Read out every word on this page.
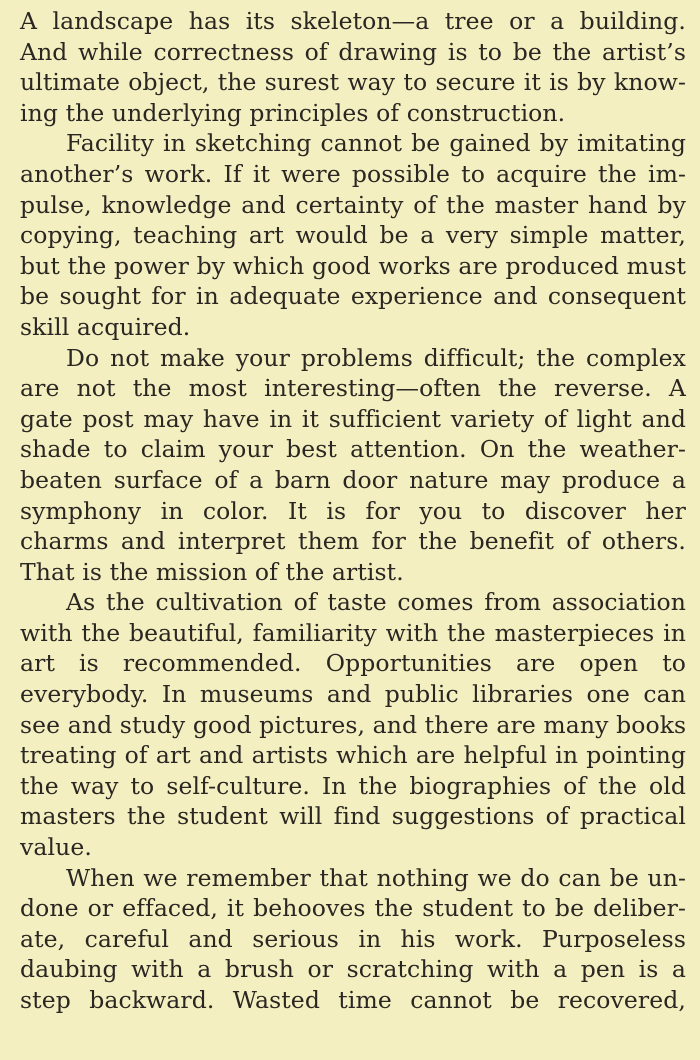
A landscape has its skeleton—a tree or a building.
And while correctness of drawing is to be the artist’s
ultimate object, the surest way to secure it is by know-
ing the underlying principles of construction.

Facility in sketching cannot be gained by imitating
another’s work. If it were possible to acquire the im-
pulse, knowledge and certainty of the master hand by
copying, teaching art would be a very simple matter,
but the power by which good works are produced must
be sought for in adequate experience and consequent
skill acquired.

Do not make your problems difficult; the complex
are not the most interesting—often the reverse. A
gate post may have in it sufficient variety of light and
shade to claim your best attention. On the weather-
beaten surface of a barn door nature may produce a
symphony in color. It is for you to discover her
charms and interpret them for the benefit of others.
That is the mission of the artist.

As the cultivation of taste comes from association
with the beautiful, familiarity with the masterpieces in
art is recommended. Opportunities are open to
everybody. In museums and public libraries one can
see and study good pictures, and there are many books
treating of art and artists which are helpful in pointing
the way to self-culture. In the biographies of the old
masters the student will find suggestions of practical
value.

When we remember that nothing we do can be un-
done or effaced, it behooves the student to be deliber-
ate, careful and serious in his work. Purposeless
daubing with a brush or scratching with a pen is a
step backward. Wasted time cannot be recovered,
